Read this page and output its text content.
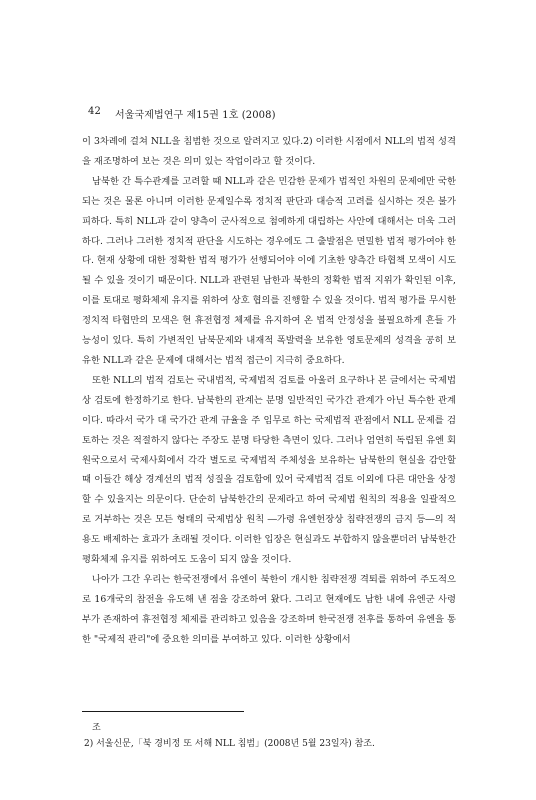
42 서울국제법연구 제15권 1호 (2008)

이 3차례에 걸쳐 NLL을 침범한 것으로 알려지고 있다.2) 이러한 시점에서 NLL의 법적 성격을 재조명하여 보는 것은 의미 있는 작업이라고 할 것이다.

남북한 간 특수관계를 고려할 때 NLL과 같은 민감한 문제가 법적인 차원의 문제에만 국한되는 것은 물론 아니며 이러한 문제일수록 정치적 판단과 대승적 고려를 실시하는 것은 불가피하다. 특히 NLL과 같이 양측이 군사적으로 첨예하게 대립하는 사안에 대해서는 더욱 그러하다. 그러나 그러한 정치적 판단을 시도하는 경우에도 그 출발점은 면밀한 법적 평가여야 한다. 현재 상황에 대한 정확한 법적 평가가 선행되어야 이에 기초한 양측간 타협책 모색이 시도될 수 있을 것이기 때문이다. NLL과 관련된 남한과 북한의 정확한 법적 지위가 확인된 이후, 이를 토대로 평화체제 유지를 위하여 상호 협의를 진행할 수 있을 것이다. 법적 평가를 무시한 정치적 타협만의 모색은 현 휴전협정 체제를 유지하여 온 법적 안정성을 불필요하게 흔들 가능성이 있다. 특히 가변적인 남북문제와 내재적 폭발력을 보유한 영토문제의 성격을 공히 보유한 NLL과 같은 문제에 대해서는 법적 접근이 지극히 중요하다.

또한 NLL의 법적 검토는 국내법적, 국제법적 검토를 아울러 요구하나 본 글에서는 국제법상 검토에 한정하기로 한다. 남북한의 관계는 분명 일반적인 국가간 관계가 아닌 특수한 관계이다. 따라서 국가 대 국가간 관계 규율을 주 임무로 하는 국제법적 관점에서 NLL 문제를 검토하는 것은 적절하지 않다는 주장도 분명 타당한 측면이 있다. 그러나 엄연히 독립된 유엔 회원국으로서 국제사회에서 각각 별도로 국제법적 주체성을 보유하는 남북한의 현실을 감안할 때 이들간 해상 경계선의 법적 성질을 검토함에 있어 국제법적 검토 이외에 다른 대안을 상정할 수 있을지는 의문이다. 단순히 남북한간의 문제라고 하여 국제법 원칙의 적용을 일괄적으로 거부하는 것은 모든 형태의 국제법상 원칙 ―가령 유엔헌장상 침략전쟁의 금지 등―의 적용도 배제하는 효과가 초래될 것이다. 이러한 입장은 현실과도 부합하지 않을뿐더러 남북한간 평화체제 유지를 위하여도 도움이 되지 않을 것이다.

나아가 그간 우리는 한국전쟁에서 유엔이 북한이 개시한 침략전쟁 격퇴를 위하여 주도적으로 16개국의 참전을 유도해 낸 점을 강조하여 왔다. 그리고 현재에도 남한 내에 유엔군 사령부가 존재하여 휴전협정 체제를 관리하고 있음을 강조하며 한국전쟁 전후를 통하여 유엔을 통한 "국제적 관리"에 중요한 의미를 부여하고 있다. 이러한 상황에서

조

2) 서울신문,「북 경비정 또 서해 NLL 침범」(2008년 5월 23일자) 참조.
